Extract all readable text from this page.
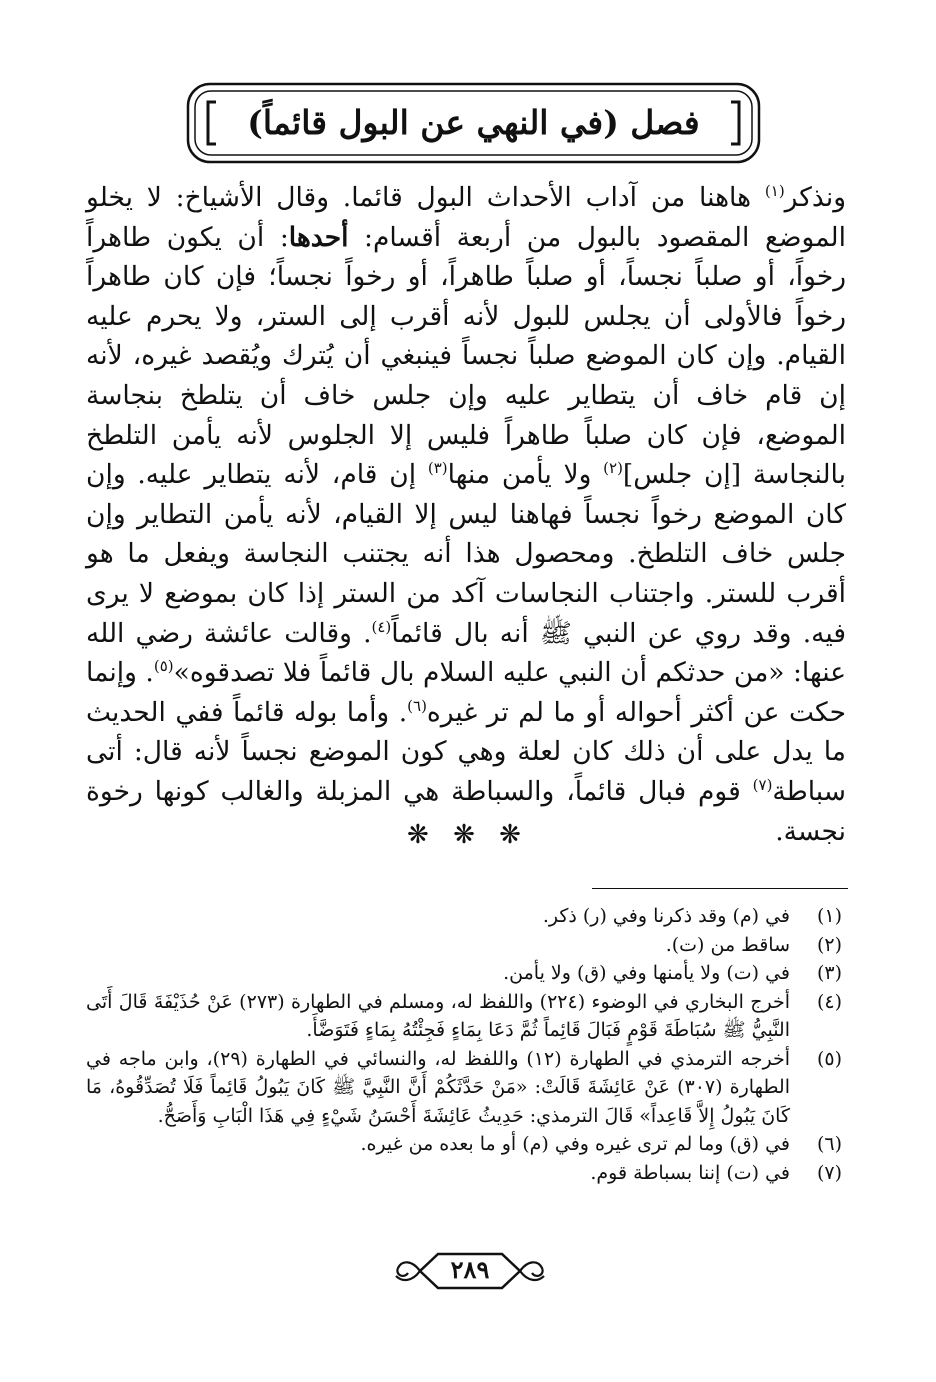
فصل (في النهي عن البول قائماً)
ونذكر$^{(١)}$ هاهنا من آداب الأحداث البول قائما. وقال الأشياخ: لا يخلو الموضع المقصود بالبول من أربعة أقسام: أحدها: أن يكون طاهراً رخواً، أو صلباً نجساً، أو صلباً طاهراً، أو رخواً نجساً؛ فإن كان طاهراً رخواً فالأولى أن يجلس للبول لأنه أقرب إلى الستر، ولا يحرم عليه القيام. وإن كان الموضع صلباً نجساً فينبغي أن يُترك ويُقصد غيره، لأنه إن قام خاف أن يتطاير عليه وإن جلس خاف أن يتلطخ بنجاسة الموضع، فإن كان صلباً طاهراً فليس إلا الجلوس لأنه يأمن التلطخ بالنجاسة [إن جلس]$^{(٢)}$ ولا يأمن منها$^{(٣)}$ إن قام، لأنه يتطاير عليه. وإن كان الموضع رخواً نجساً فهاهنا ليس إلا القيام، لأنه يأمن التطاير وإن جلس خاف التلطخ. ومحصول هذا أنه يجتنب النجاسة ويفعل ما هو أقرب للستر. واجتناب النجاسات آكد من الستر إذا كان بموضع لا يرى فيه. وقد روي عن النبي ﷺ أنه بال قائماً$^{(٤)}$. وقالت عائشة رضي الله عنها: «من حدثكم أن النبي عليه السلام بال قائماً فلا تصدقوه»$^{(٥)}$. وإنما حكت عن أكثر أحواله أو ما لم تر غيره$^{(٦)}$. وأما بوله قائماً ففي الحديث ما يدل على أن ذلك كان لعلة وهي كون الموضع نجساً لأنه قال: أتى سباطة$^{(٧)}$ قوم فبال قائماً، والسباطة هي المزبلة والغالب كونها رخوة نجسة.
❋ ❋ ❋
(١)
في (م) وقد ذكرنا وفي (ر) ذكر.
(٢)
ساقط من (ت).
(٣)
في (ت) ولا يأمنها وفي (ق) ولا يأمن.
(٤)
أخرج البخاري في الوضوء (٢٢٤) واللفظ له، ومسلم في الطهارة (٢٧٣) عَنْ حُذَيْفَةَ قَالَ أَتَى النَّبِيُّ ﷺ سُبَاطَةَ قَوْمٍ فَبَالَ قَائِماً ثُمَّ دَعَا بِمَاءٍ فَجِئْتُهُ بِمَاءٍ فَتَوَضَّأَ.
(٥)
أخرجه الترمذي في الطهارة (١٢) واللفظ له، والنسائي في الطهارة (٢٩)، وابن ماجه في الطهارة (٣٠٧) عَنْ عَائِشَةَ قَالَتْ: «مَنْ حَدَّثَكُمْ أَنَّ النَّبِيَّ ﷺ كَانَ يَبُولُ قَائِماً فَلَا تُصَدِّقُوهُ، مَا كَانَ يَبُولُ إِلاَّ قَاعِداً» قَالَ الترمذي: حَدِيثُ عَائِشَةَ أَحْسَنُ شَيْءٍ فِي هَذَا الْبَابِ وَأَصَحُّ.
(٦)
في (ق) وما لم ترى غيره وفي (م) أو ما بعده من غيره.
(٧)
في (ت) إننا بسباطة قوم.
٢٨٩
